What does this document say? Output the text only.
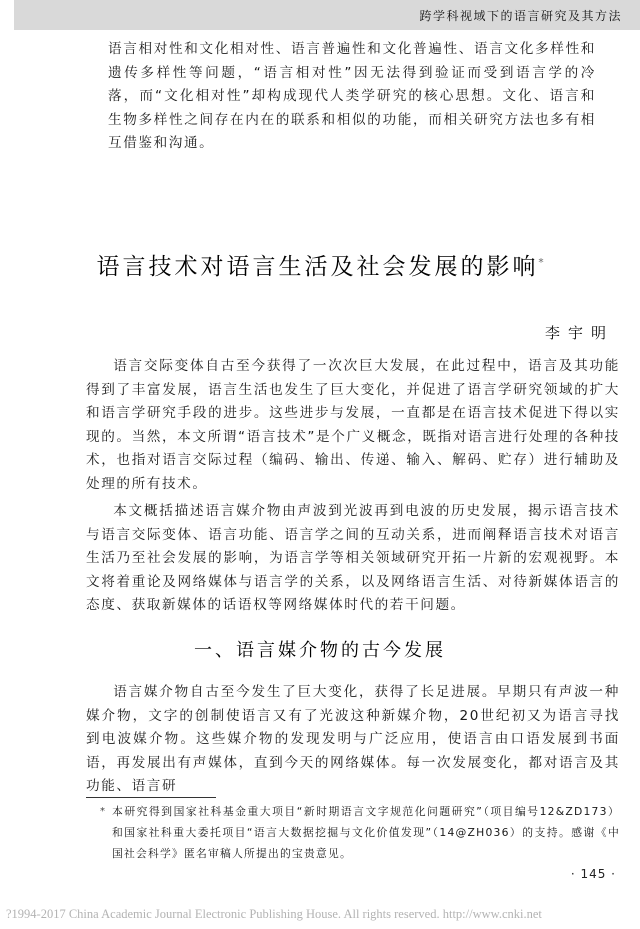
跨学科视域下的语言研究及其方法

语言相对性和文化相对性、语言普遍性和文化普遍性、语言文化多样性和遗传多样性等问题，“语言相对性”因无法得到验证而受到语言学的冷落，而“文化相对性”却构成现代人类学研究的核心思想。文化、语言和生物多样性之间存在内在的联系和相似的功能，而相关研究方法也多有相互借鉴和沟通。

语言技术对语言生活及社会发展的影响*
李宇明

语言交际变体自古至今获得了一次次巨大发展，在此过程中，语言及其功能得到了丰富发展，语言生活也发生了巨大变化，并促进了语言学研究领域的扩大和语言学研究手段的进步。这些进步与发展，一直都是在语言技术促进下得以实现的。当然，本文所谓“语言技术”是个广义概念，既指对语言进行处理的各种技术，也指对语言交际过程（编码、输出、传递、输入、解码、贮存）进行辅助及处理的所有技术。

本文概括描述语言媒介物由声波到光波再到电波的历史发展，揭示语言技术与语言交际变体、语言功能、语言学之间的互动关系，进而阐释语言技术对语言生活乃至社会发展的影响，为语言学等相关领域研究开拓一片新的宏观视野。本文将着重论及网络媒体与语言学的关系，以及网络语言生活、对待新媒体语言的态度、获取新媒体的话语权等网络媒体时代的若干问题。

一、语言媒介物的古今发展

语言媒介物自古至今发生了巨大变化，获得了长足进展。早期只有声波一种媒介物，文字的创制使语言又有了光波这种新媒介物，20世纪初又为语言寻找到电波媒介物。这些媒介物的发现发明与广泛应用，使语言由口语发展到书面语，再发展出有声媒体，直到今天的网络媒体。每一次发展变化，都对语言及其功能、语言研

* 本研究得到国家社科基金重大项目“新时期语言文字规范化问题研究”（项目编号12&ZD173）和国家社科重大委托项目“语言大数据挖掘与文化价值发现”（14@ZH036）的支持。感谢《中国社会科学》匿名审稿人所提出的宝贵意见。

· 145 ·
?1994-2017 China Academic Journal Electronic Publishing House. All rights reserved. http://www.cnki.net
